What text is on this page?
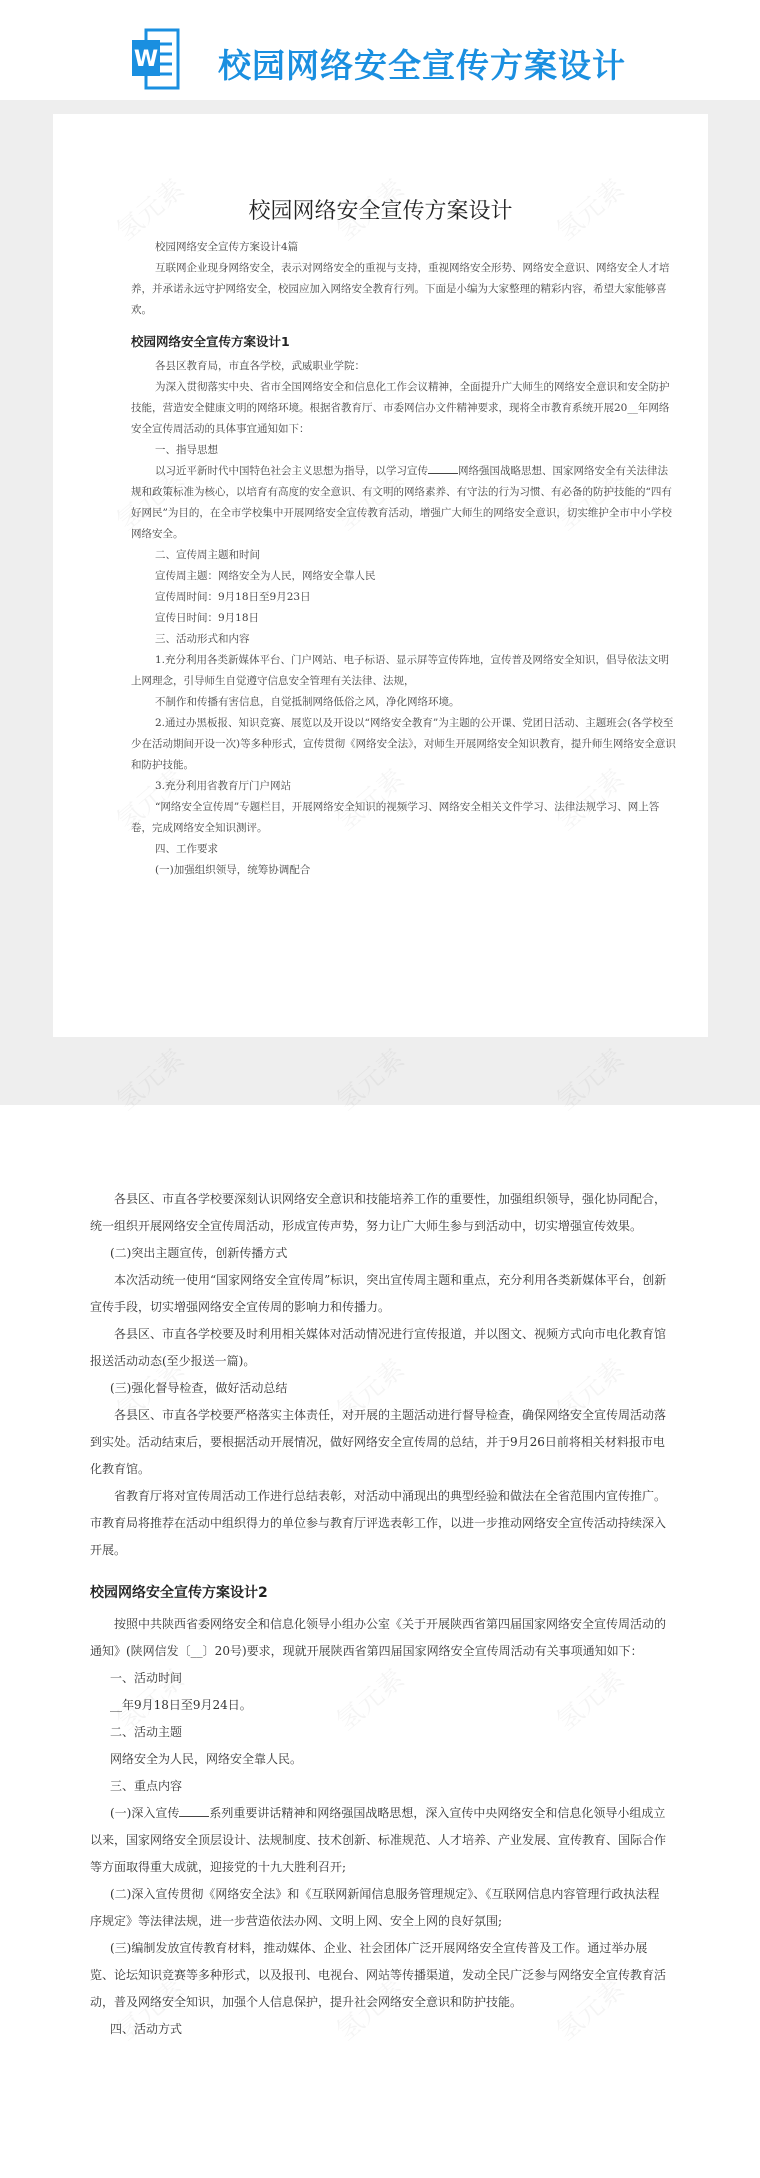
W 校园网络安全宣传方案设计
校园网络安全宣传方案设计
校园网络安全宣传方案设计4篇
互联网企业现身网络安全，表示对网络安全的重视与支持，重视网络安全形势、网络安全意识、网络安全人才培养，并承诺永远守护网络安全，校园应加入网络安全教育行列。下面是小编为大家整理的精彩内容，希望大家能够喜欢。
校园网络安全宣传方案设计1
各县区教育局，市直各学校，武威职业学院：
为深入贯彻落实中央、省市全国网络安全和信息化工作会议精神，全面提升广大师生的网络安全意识和安全防护技能，营造安全健康文明的网络环境。根据省教育厅、市委网信办文件精神要求，现将全市教育系统开展20__年网络安全宣传周活动的具体事宜通知如下：
一、指导思想
以习近平新时代中国特色社会主义思想为指导，以学习宣传	网络强国战略思想、国家网络安全有关法律法规和政策标准为核心，以培育有高度的安全意识、有文明的网络素养、有守法的行为习惯、有必备的防护技能的“四有好网民”为目的，在全市学校集中开展网络安全宣传教育活动，增强广大师生的网络安全意识，切实维护全市中小学校网络安全。
二、宣传周主题和时间
宣传周主题：网络安全为人民，网络安全靠人民
宣传周时间：9月18日至9月23日
宣传日时间：9月18日
三、活动形式和内容
1.充分利用各类新媒体平台、门户网站、电子标语、显示屏等宣传阵地，宣传普及网络安全知识，倡导依法文明上网理念，引导师生自觉遵守信息安全管理有关法律、法规，
不制作和传播有害信息，自觉抵制网络低俗之风，净化网络环境。
2.通过办黑板报、知识竞赛、展览以及开设以“网络安全教育”为主题的公开课、党团日活动、主题班会(各学校至少在活动期间开设一次)等多种形式，宣传贯彻《网络安全法》，对师生开展网络安全知识教育，提升师生网络安全意识和防护技能。
3.充分利用省教育厅门户网站
“网络安全宣传周”专题栏目，开展网络安全知识的视频学习、网络安全相关文件学习、法律法规学习、网上答卷，完成网络安全知识测评。
四、工作要求
(一)加强组织领导，统筹协调配合
各县区、市直各学校要深刻认识网络安全意识和技能培养工作的重要性，加强组织领导，强化协同配合，统一组织开展网络安全宣传周活动，形成宣传声势，努力让广大师生参与到活动中，切实增强宣传效果。
(二)突出主题宣传，创新传播方式
本次活动统一使用“国家网络安全宣传周”标识，突出宣传周主题和重点，充分利用各类新媒体平台，创新宣传手段，切实增强网络安全宣传周的影响力和传播力。
各县区、市直各学校要及时利用相关媒体对活动情况进行宣传报道，并以图文、视频方式向市电化教育馆报送活动动态(至少报送一篇)。
(三)强化督导检查，做好活动总结
各县区、市直各学校要严格落实主体责任，对开展的主题活动进行督导检查，确保网络安全宣传周活动落到实处。活动结束后，要根据活动开展情况，做好网络安全宣传周的总结，并于9月26日前将相关材料报市电化教育馆。
省教育厅将对宣传周活动工作进行总结表彰，对活动中涌现出的典型经验和做法在全省范围内宣传推广。市教育局将推荐在活动中组织得力的单位参与教育厅评选表彰工作，以进一步推动网络安全宣传活动持续深入开展。
校园网络安全宣传方案设计2
按照中共陕西省委网络安全和信息化领导小组办公室《关于开展陕西省第四届国家网络安全宣传周活动的通知》(陕网信发〔__〕20号)要求，现就开展陕西省第四届国家网络安全宣传周活动有关事项通知如下：
一、活动时间
__年9月18日至9月24日。
二、活动主题
网络安全为人民，网络安全靠人民。
三、重点内容
(一)深入宣传	系列重要讲话精神和网络强国战略思想，深入宣传中央网络安全和信息化领导小组成立以来，国家网络安全顶层设计、法规制度、技术创新、标准规范、人才培养、产业发展、宣传教育、国际合作等方面取得重大成就，迎接党的十九大胜利召开;
(二)深入宣传贯彻《网络安全法》和《互联网新闻信息服务管理规定》、《互联网信息内容管理行政执法程序规定》等法律法规，进一步营造依法办网、文明上网、安全上网的良好氛围;
(三)编制发放宣传教育材料，推动媒体、企业、社会团体广泛开展网络安全宣传普及工作。通过举办展览、论坛知识竞赛等多种形式，以及报刊、电视台、网站等传播渠道，发动全民广泛参与网络安全宣传教育活动，普及网络安全知识，加强个人信息保护，提升社会网络安全意识和防护技能。
四、活动方式
